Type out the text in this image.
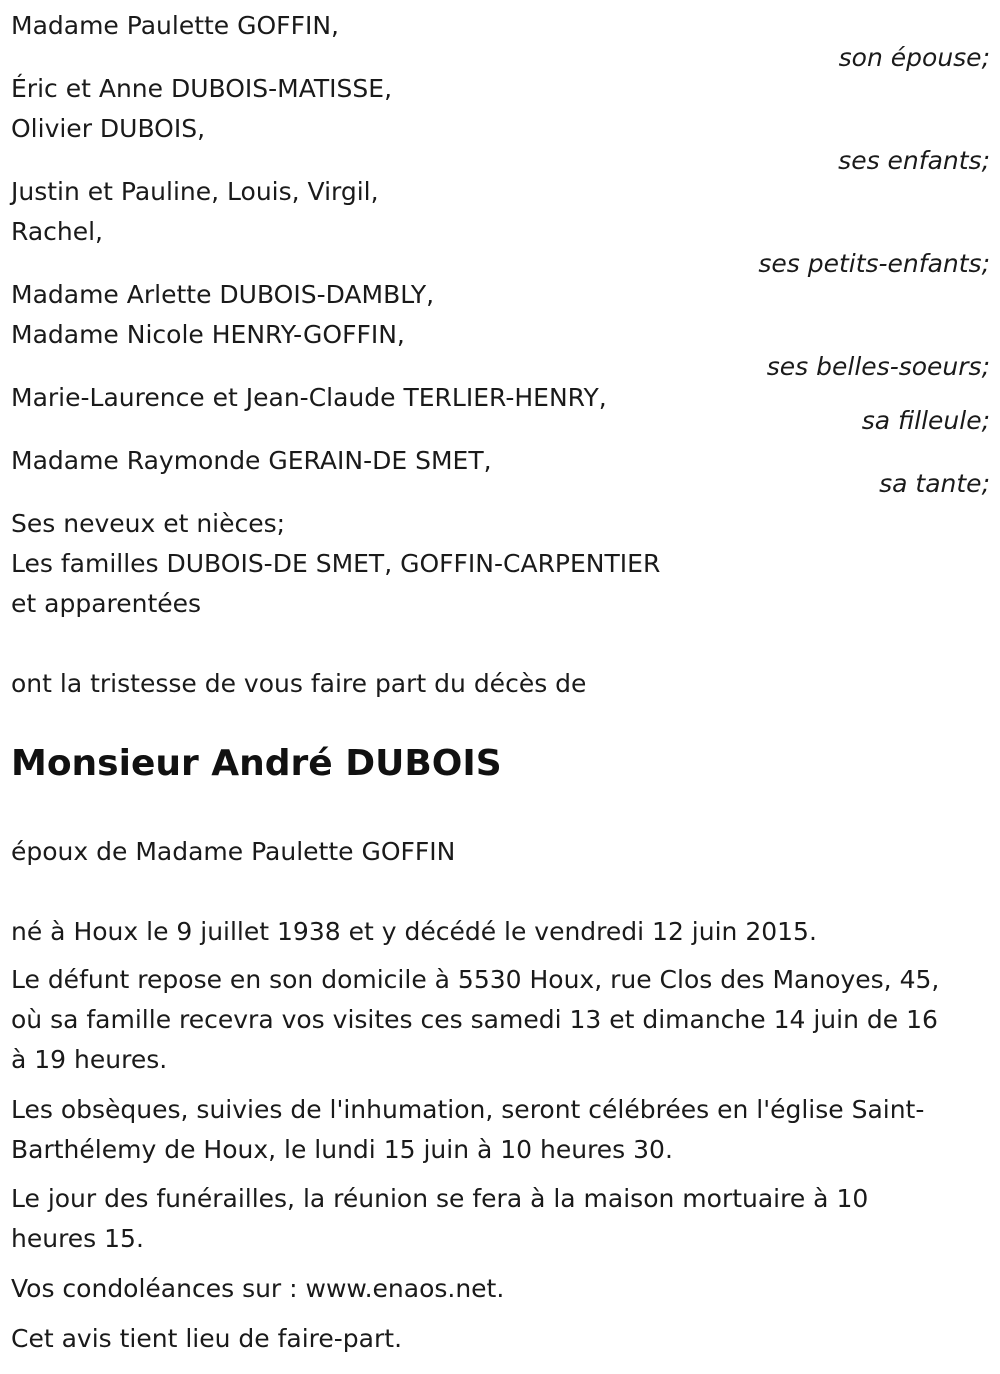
Madame Paulette GOFFIN,
son épouse;
Éric et Anne DUBOIS-MATISSE,
Olivier DUBOIS,
ses enfants;
Justin et Pauline, Louis, Virgil,
Rachel,
ses petits-enfants;
Madame Arlette DUBOIS-DAMBLY,
Madame Nicole HENRY-GOFFIN,
ses belles-soeurs;
Marie-Laurence et Jean-Claude TERLIER-HENRY,
sa filleule;
Madame Raymonde GERAIN-DE SMET,
sa tante;
Ses neveux et nièces;
Les familles DUBOIS-DE SMET, GOFFIN-CARPENTIER
et apparentées
ont la tristesse de vous faire part du décès de
Monsieur André DUBOIS
époux de Madame Paulette GOFFIN
né à Houx le 9 juillet 1938 et y décédé le vendredi 12 juin 2015.
Le défunt repose en son domicile à 5530 Houx, rue Clos des Manoyes, 45,
où sa famille recevra vos visites ces samedi 13 et dimanche 14 juin de 16
à 19 heures.
Les obsèques, suivies de l'inhumation, seront célébrées en l'église Saint-
Barthélemy de Houx, le lundi 15 juin à 10 heures 30.
Le jour des funérailles, la réunion se fera à la maison mortuaire à 10
heures 15.
Vos condoléances sur : www.enaos.net.
Cet avis tient lieu de faire-part.
